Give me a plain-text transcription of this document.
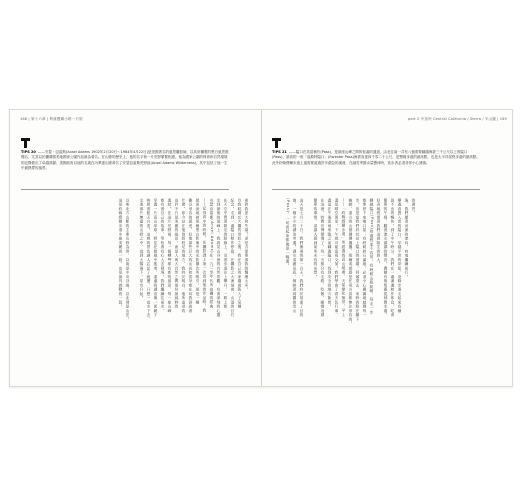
168 | 第十六章 | 利維寶聯小路一只旅
TIPS 20 ——安瑟・亞當斯(Ansel Adams 1902年2月20日～1984年4月22日)是美國著名的風景攝影師，以其所攝製的黑白風景照聞名，尤其以拍攝優勝美地國家公園作品最為著名。在山脈的歷史上，他的名字和一片荒野緊緊相連，他為國家公園的保育和自然環境的記錄做出了卓越貢獻；美國政府以他的名義在內華達山脈命名了安瑟亞當斯荒野區(Ansel Adams Wilderness)，其中包括了他一生中最熱愛的風景。
會教我更大的失落？卻是否需要那我的醫療太多。
自我耽溺於大攝的形狀之後，我在自己的家園裡陷入了某種
紀念。走到一處隘口稍作停留，在攝影之大流域裡，山頂的巨石
在天空中閃著微光的路線上，沿著步道往上攀升，一路上都
走到最後的頂峰上，我看見山谷裡的自然景觀，有著深刻的心靈
安瑟亞當斯(Ansel Adams)在一九二零年代所拍攝的經典
——記得高中的時候，在攝影課上第一次看到他的作品時，我
就深深地被那種黑白影像中的光影層次所吸引。那是一種
難以形容的感受，好像那些巨大的山岩和雲朵都在向我訴說著
什麼。如今站在他曾經駐足的地方，我終於明白，他所追尋的
也許不只是美麗的風景，而是人與大自然之間那份最純粹的
連結。在這片荒野裡，每一個轉彎都有新的風景，每一座山峰
都有著自己的故事，等待著有心人去發現。我們繼續往前走，
穿過一片高山草原，野花在微風中搖曳，遠處的湖泊像一面鏡子
映照著藍天白雲。這樣的景色讓人忘記了疲憊，只想一直走下去，
走進那片無盡的山野之中，直到太陽落下，星空升起。
以東北方山脈的主要山脊為界，以南是中央谷地，以北則是山岳。
這是約翰繆爾步道中最美麗的一段，也是最具挑戰的一段。
part 2 中加州 Central California / Sierra / 半山腰 | 169
TIPS 21 ——隘口在英語稱作(Pass)，是兩座山峰之間的低處的通道，由北往南一共有八個需要翻越海拔三千公尺以上的隘口(Pass)，最高的一座「福斯特隘口」(Forester Pass)海拔高達四千零二十公尺，是整條步道的最高點，也是太平洋屋脊步道的最高點。此外約翰繆爾步道上還需要渡過許多湍急的溪流，在融雪季節水量豐沛時，徒步者必須非常小心謹慎。
的書頁。
後，我們順著河流的流向，向南繼續前行。
攀過高聳入雲的隘口，穿越平坦的草原，這條步道走起來有種
說不出的暢快。到了中午時分，我們在一處溪邊稍作休息，吃著
簡單的午餐，聽著流水潺潺的聲音，偶爾有幾隻鹿從林間走過，
好奇地張望著我們這群陌生的旅人。
翻越隘口(Pass)的過程並不容易。有時候山路陡峭，每走一步
都要停下來喘口氣；有時候碎石滿地，必須小心翼翼地踏穩每一
步。但是當我們終於站上隘口的頂端，回頭望去，來時的路在腳下
蜿蜒，遠方的山巒層層疊疊，那種成就感是任何言語都無法形容的。
——「約翰繆爾步道」所經過的高山地帶，天氣變化無常，早上
還是晴空萬里，下午就可能雷雨交加。我們學會了看天色行事，
盡量在午後雷雨來臨之前翻過隘口，找到安全的地方紮營。
在這裡，時間彷彿變慢了，每一天都只有走路、吃飯、睡覺這樣
簡單的事情，卻讓人感到前所未有的充實。
這天是七月二十日，我們換乘的第一百天，我們終於抵達了目的
地，一個小小的湖泊旁邊。湖水清澈見底，倒映著周圍的雪山
(Pass)，一切看起來都像是一幅畫。
